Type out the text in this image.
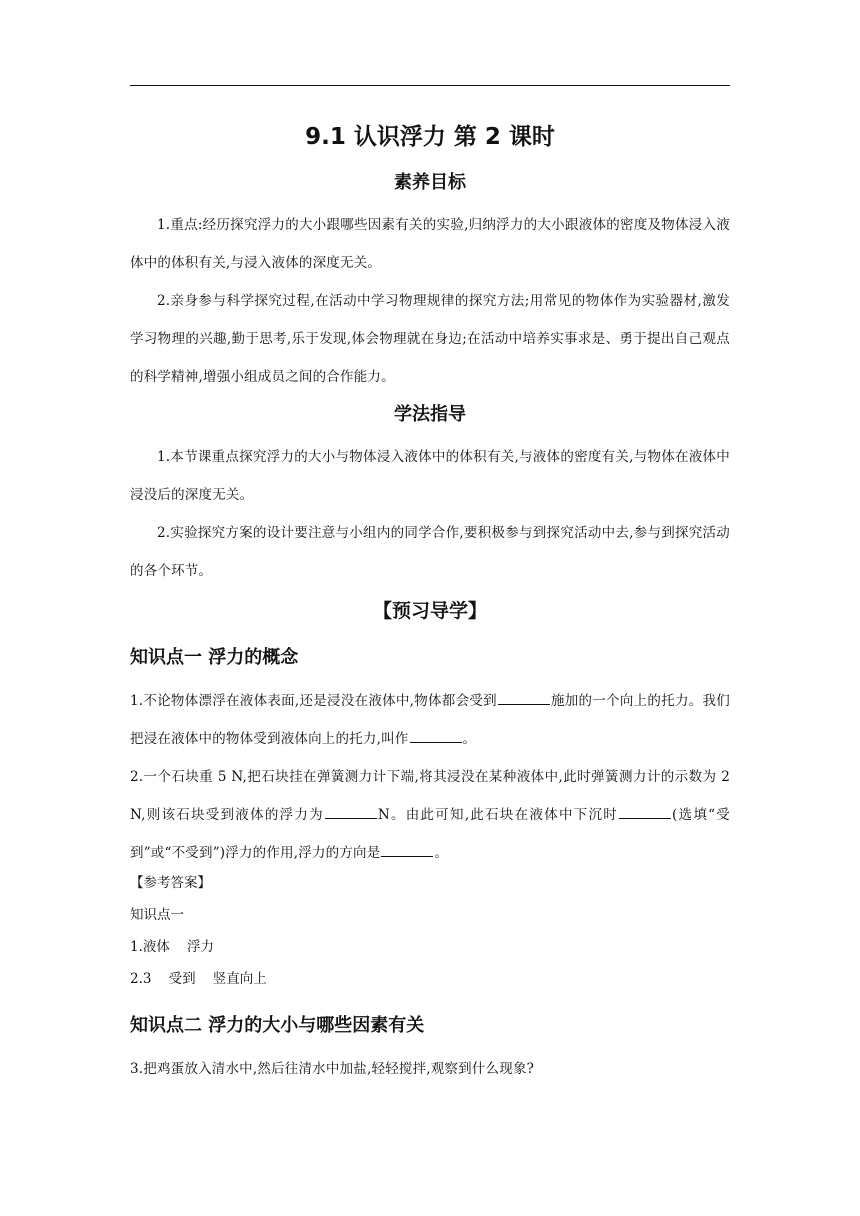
9.1 认识浮力 第 2 课时
素养目标
1.重点:经历探究浮力的大小跟哪些因素有关的实验,归纳浮力的大小跟液体的密度及物体浸入液体中的体积有关,与浸入液体的深度无关。
2.亲身参与科学探究过程,在活动中学习物理规律的探究方法;用常见的物体作为实验器材,激发学习物理的兴趣,勤于思考,乐于发现,体会物理就在身边;在活动中培养实事求是、勇于提出自己观点的科学精神,增强小组成员之间的合作能力。
学法指导
1.本节课重点探究浮力的大小与物体浸入液体中的体积有关,与液体的密度有关,与物体在液体中浸没后的深度无关。
2.实验探究方案的设计要注意与小组内的同学合作,要积极参与到探究活动中去,参与到探究活动的各个环节。
【预习导学】
知识点一 浮力的概念
1.不论物体漂浮在液体表面,还是浸没在液体中,物体都会受到	施加的一个向上的托力。我们把浸在液体中的物体受到液体向上的托力,叫作	。
2.一个石块重 5 N,把石块挂在弹簧测力计下端,将其浸没在某种液体中,此时弹簧测力计的示数为 2 N,则该石块受到液体的浮力为	N。由此可知,此石块在液体中下沉时	(选填“受到”或“不受到”)浮力的作用,浮力的方向是	。
【参考答案】
知识点一
1.液体    浮力
2.3    受到    竖直向上
知识点二 浮力的大小与哪些因素有关
3.把鸡蛋放入清水中,然后往清水中加盐,轻轻搅拌,观察到什么现象?
